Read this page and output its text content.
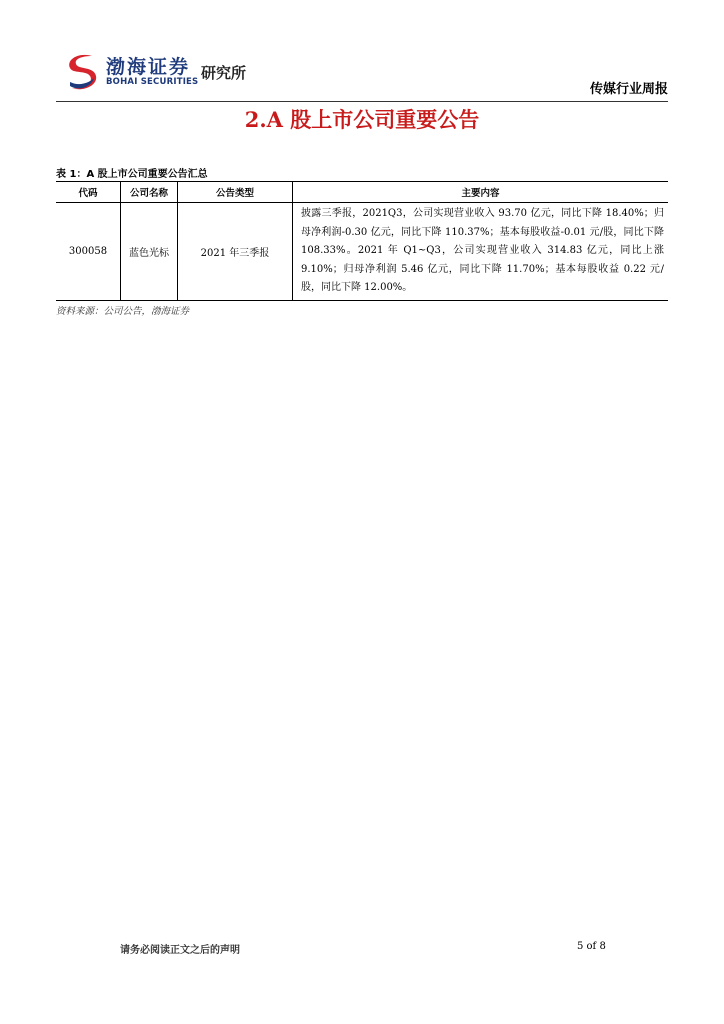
渤海证券
BOHAI SECURITIES 研究所
传媒行业周报
2.A 股上市公司重要公告
表 1：A 股上市公司重要公告汇总
代码	公司名称	公告类型	主要内容
300058	蓝色光标	2021 年三季报	披露三季报，2021Q3，公司实现营业收入 93.70 亿元，同比下降 18.40%；归母净利润-0.30 亿元，同比下降 110.37%；基本每股收益-0.01 元/股，同比下降 108.33%。2021 年 Q1~Q3，公司实现营业收入 314.83 亿元，同比上涨 9.10%；归母净利润 5.46 亿元，同比下降 11.70%；基本每股收益 0.22 元/股，同比下降 12.00%。
资料来源：公司公告，渤海证券
请务必阅读正文之后的声明	5 of 8
